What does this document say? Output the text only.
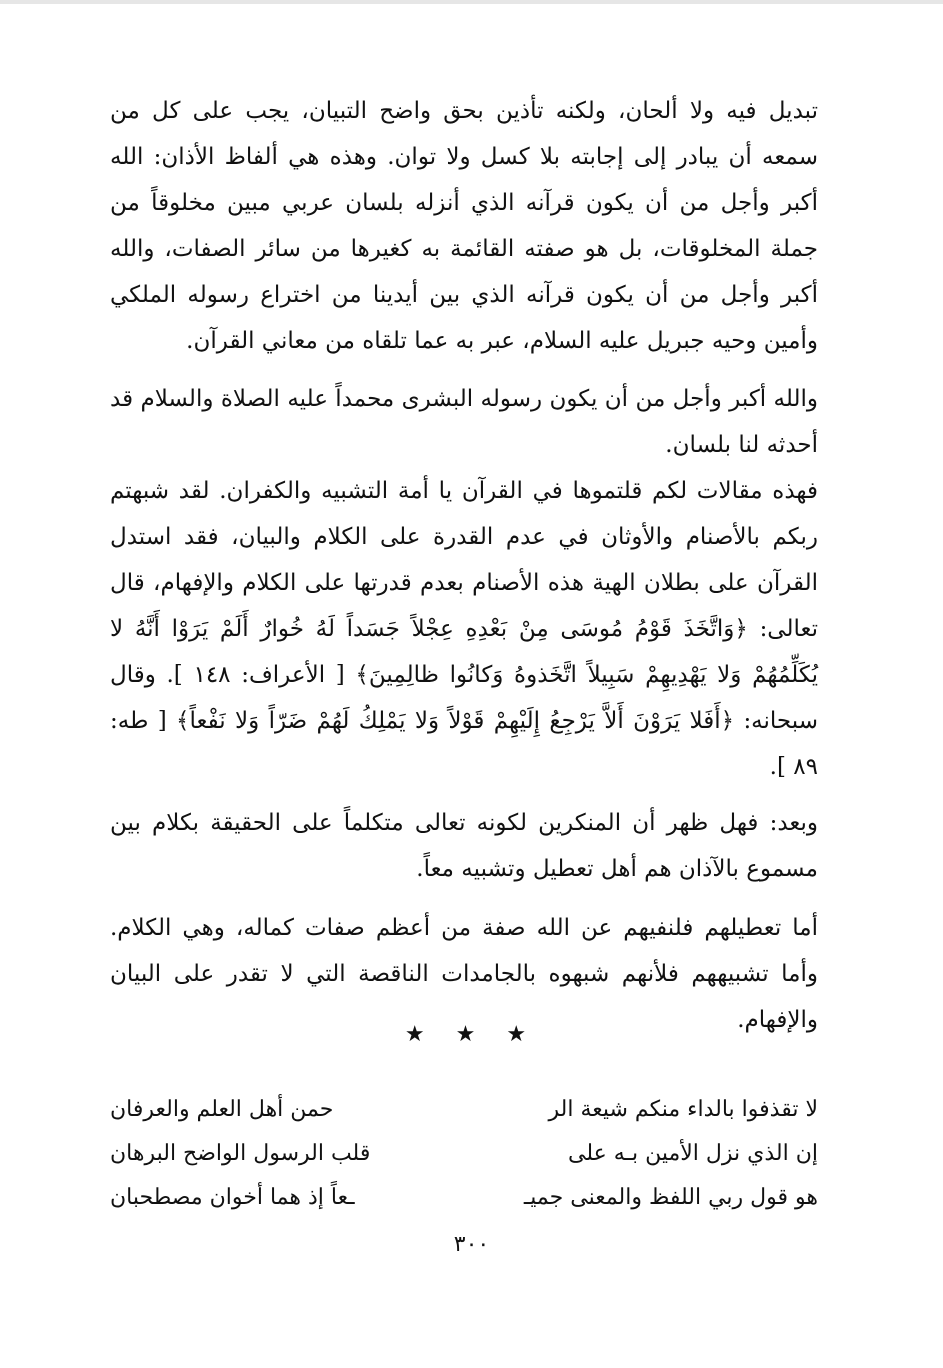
تبديل فيه ولا ألحان، ولكنه تأذين بحق واضح التبيان، يجب على كل من سمعه أن يبادر إلى إجابته بلا كسل ولا توان. وهذه هي ألفاظ الأذان: الله أكبر وأجل من أن يكون قرآنه الذي أنزله بلسان عربي مبين مخلوقاً من جملة المخلوقات، بل هو صفته القائمة به كغيرها من سائر الصفات، والله أكبر وأجل من أن يكون قرآنه الذي بين أيدينا من اختراع رسوله الملكي وأمين وحيه جبريل عليه السلام، عبر به عما تلقاه من معاني القرآن.

والله أكبر وأجل من أن يكون رسوله البشرى محمداً عليه الصلاة والسلام قد أحدثه لنا بلسان.

فهذه مقالات لكم قلتموها في القرآن يا أمة التشبيه والكفران. لقد شبهتم ربكم بالأصنام والأوثان في عدم القدرة على الكلام والبيان، فقد استدل القرآن على بطلان الهية هذه الأصنام بعدم قدرتها على الكلام والإفهام، قال تعالى: ﴿وَاتَّخَذَ قَوْمُ مُوسَى مِنْ بَعْدِهِ عِجْلاً جَسَداً لَهُ خُوارٌ أَلَمْ يَرَوْا أَنَّهُ لا يُكَلِّمُهُمْ وَلا يَهْدِيهِمْ سَبِيلاً اتَّخَذوهُ وَكانُوا ظالِمِينَ﴾ [ الأعراف: ١٤٨ ]. وقال سبحانه: ﴿أَفَلا يَرَوْنَ أَلاَّ يَرْجِعُ إِلَيْهِمْ قَوْلاً وَلا يَمْلِكُ لَهُمْ ضَرّاً وَلا نَفْعاً﴾ [ طه: ٨٩ ].

وبعد: فهل ظهر أن المنكرين لكونه تعالى متكلماً على الحقيقة بكلام بين مسموع بالآذان هم أهل تعطيل وتشبيه معاً.

أما تعطيلهم فلنفيهم عن الله صفة من أعظم صفات كماله، وهي الكلام. وأما تشبيههم فلأنهم شبهوه بالجامدات الناقصة التي لا تقدر على البيان والإفهام.

★ ★ ★
لا تقذفوا بالداء منكم شيعة الر
حمن أهل العلم والعرفان
إن الذي نزل الأمين بـه على
قلب الرسول الواضح البرهان
هو قول ربي اللفظ والمعنى جميـ
ـعاً إذ هما أخوان مصطحبان
٣٠٠
